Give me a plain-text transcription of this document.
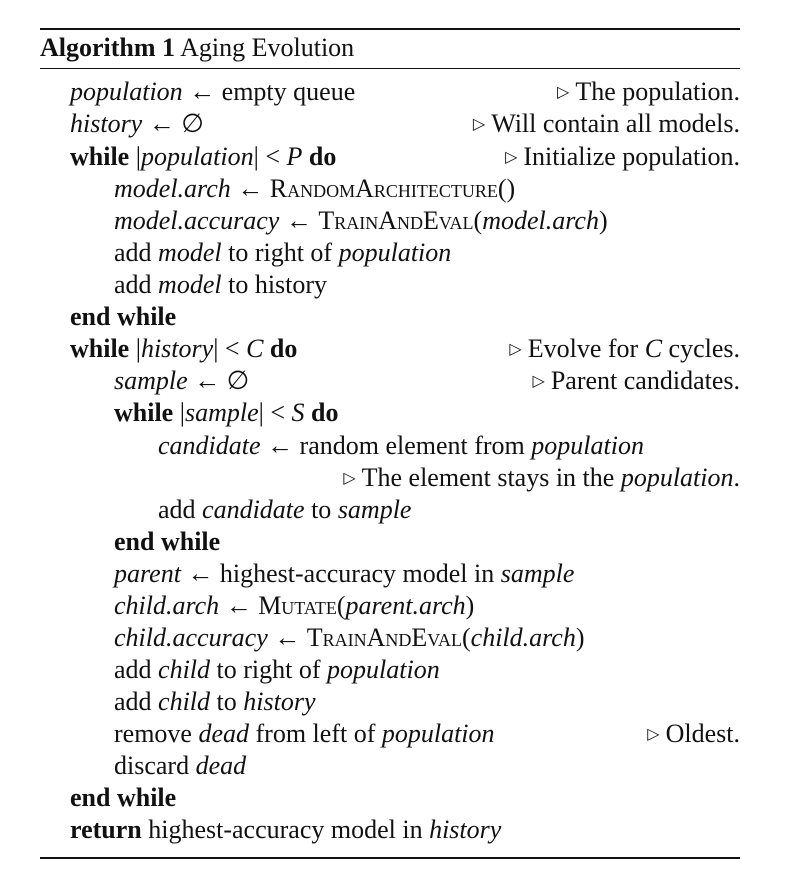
Algorithm 1 Aging Evolution
population ← empty queue	▷ The population.
history ← ∅	▷ Will contain all models.
while |population| < P do	▷ Initialize population.
model.arch ← RandomArchitecture()
model.accuracy ← TrainAndEval(model.arch)
add model to right of population
add model to history
end while
while |history| < C do	▷ Evolve for C cycles.
sample ← ∅	▷ Parent candidates.
while |sample| < S do
candidate ← random element from population
▷ The element stays in the population.
add candidate to sample
end while
parent ← highest-accuracy model in sample
child.arch ← Mutate(parent.arch)
child.accuracy ← TrainAndEval(child.arch)
add child to right of population
add child to history
remove dead from left of population	▷ Oldest.
discard dead
end while
return highest-accuracy model in history
